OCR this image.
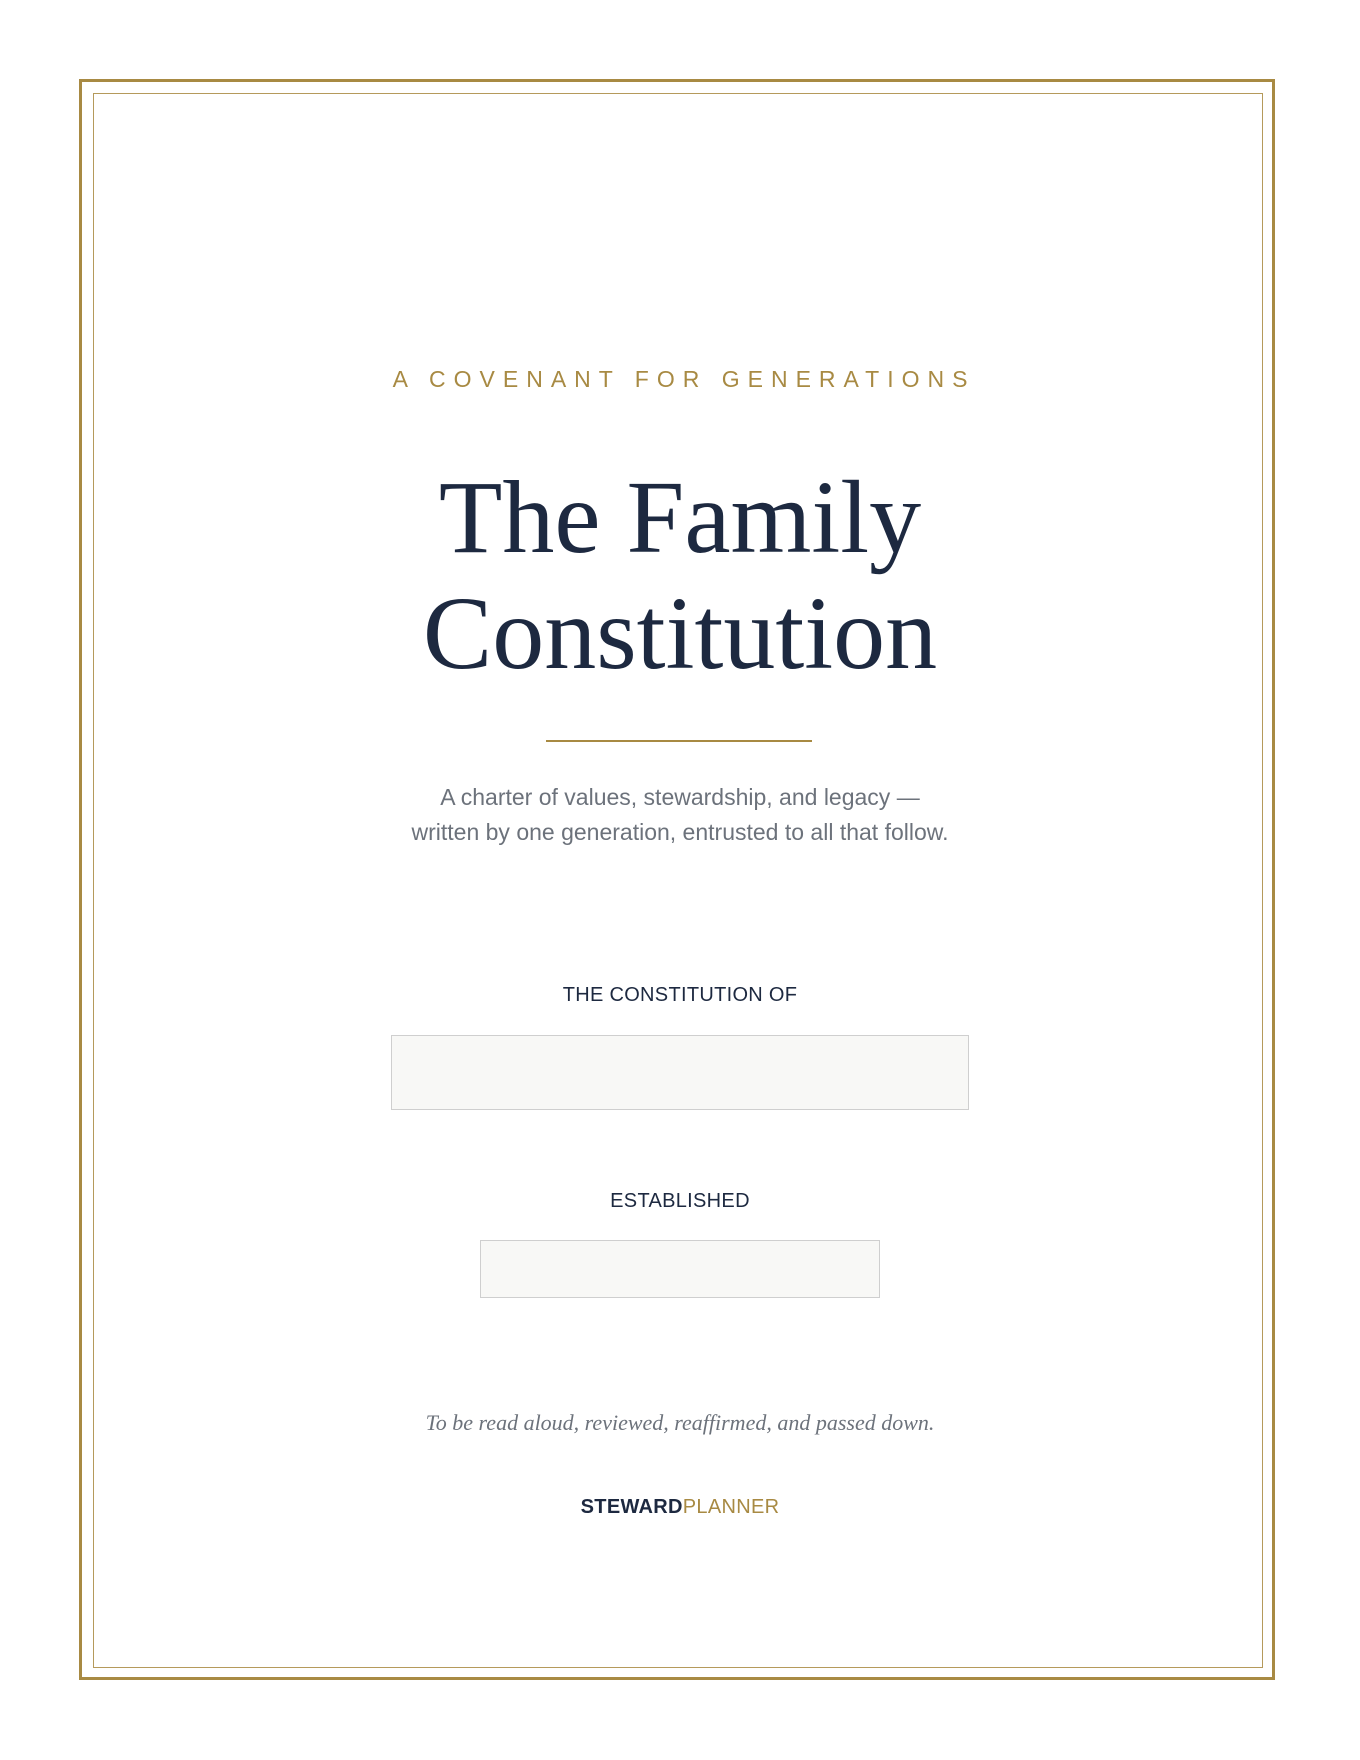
A COVENANT FOR GENERATIONS
The Family
Constitution
A charter of values, stewardship, and legacy —
written by one generation, entrusted to all that follow.
THE CONSTITUTION OF
ESTABLISHED
To be read aloud, reviewed, reaffirmed, and passed down.
STEWARDPLANNER
